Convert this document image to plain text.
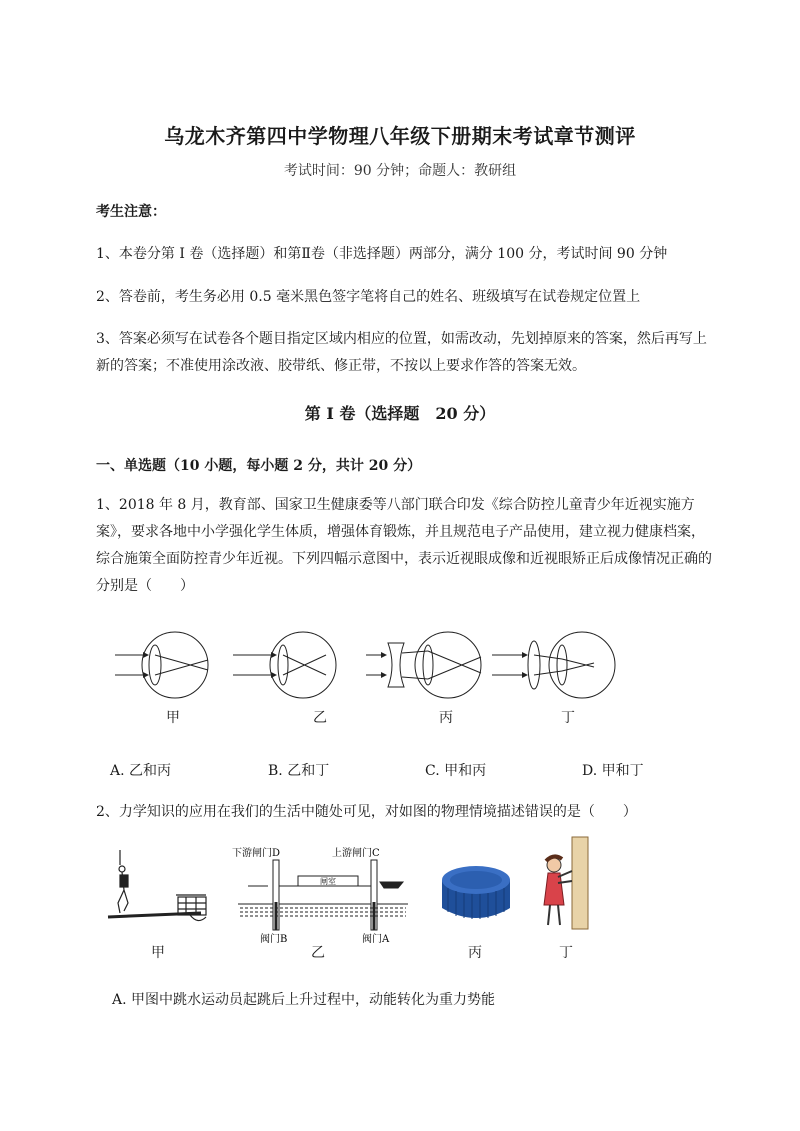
乌龙木齐第四中学物理八年级下册期末考试章节测评
考试时间：90 分钟；命题人：教研组
考生注意：
1、本卷分第 I 卷（选择题）和第Ⅱ卷（非选择题）两部分，满分 100 分，考试时间 90 分钟
2、答卷前，考生务必用 0.5 毫米黑色签字笔将自己的姓名、班级填写在试卷规定位置上
3、答案必须写在试卷各个题目指定区域内相应的位置，如需改动，先划掉原来的答案，然后再写上新的答案；不准使用涂改液、胶带纸、修正带，不按以上要求作答的答案无效。
第 I 卷（选择题　20 分）
一、单选题（10 小题，每小题 2 分，共计 20 分）
1、2018 年 8 月，教育部、国家卫生健康委等八部门联合印发《综合防控儿童青少年近视实施方案》，要求各地中小学强化学生体质，增强体育锻炼，并且规范电子产品使用，建立视力健康档案，综合施策全面防控青少年近视。下列四幅示意图中，表示近视眼成像和近视眼矫正后成像情况正确的分别是（　　）
甲	乙	丙	丁
A. 乙和丙	B. 乙和丁	C. 甲和丙	D. 甲和丁
2、力学知识的应用在我们的生活中随处可见，对如图的物理情境描述错误的是（　　）
甲
下游闸门D	上游闸门C
闸室
阀门B	阀门A
乙	丙	丁
A. 甲图中跳水运动员起跳后上升过程中，动能转化为重力势能
